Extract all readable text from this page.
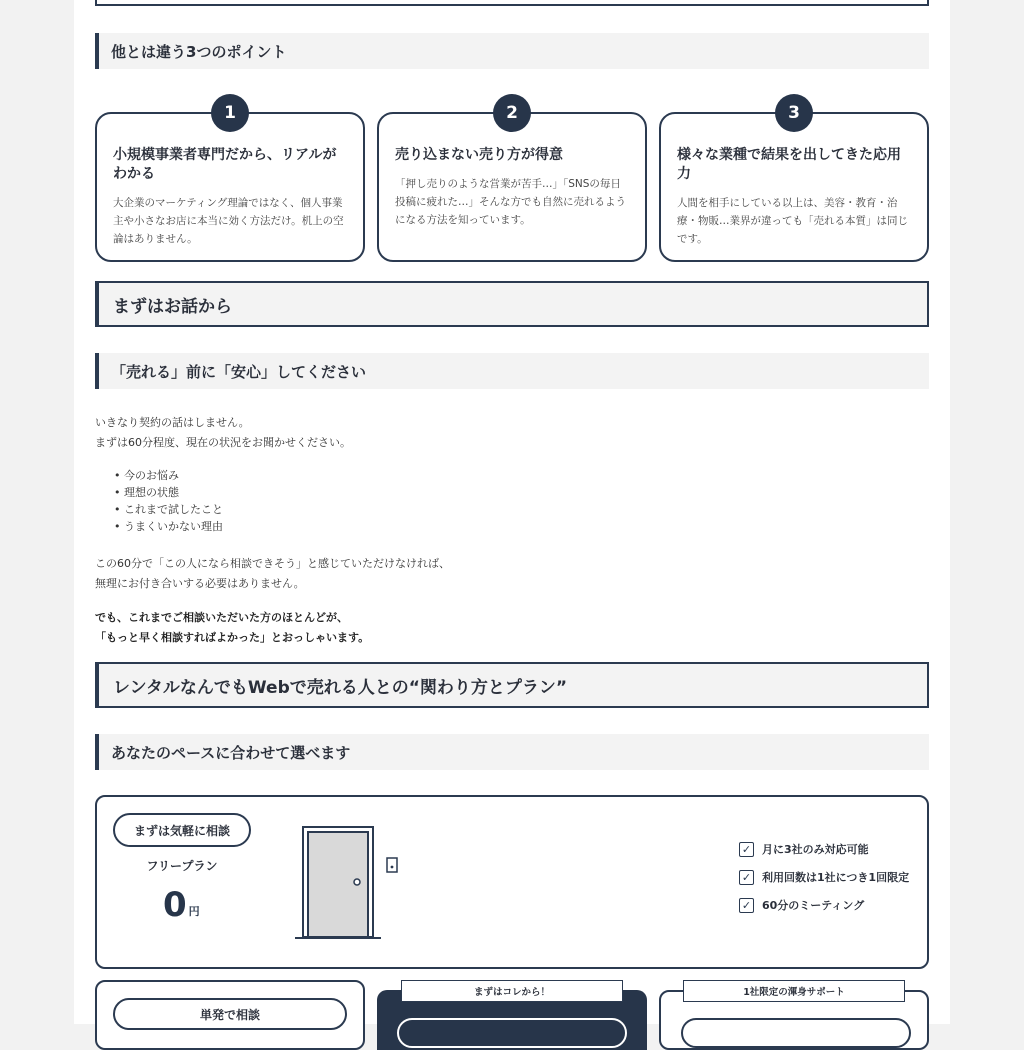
他とは違う3つのポイント
小規模事業者専門だから、リアルがわかる
大企業のマーケティング理論ではなく、個人事業主や小さなお店に本当に効く方法だけ。机上の空論はありません。
1
売り込まない売り方が得意
「押し売りのような営業が苦手…」「SNSの毎日投稿に疲れた…」そんな方でも自然に売れるようになる方法を知っています。
2
様々な業種で結果を出してきた応用力
人間を相手にしている以上は、美容・教育・治療・物販…業界が違っても「売れる本質」は同じです。
3
まずはお話から
「売れる」前に「安心」してください
いきなり契約の話はしません。
まずは60分程度、現在の状況をお聞かせください。
• 今のお悩み
• 理想の状態
• これまで試したこと
• うまくいかない理由
この60分で「この人になら相談できそう」と感じていただけなければ、
無理にお付き合いする必要はありません。
でも、これまでご相談いただいた方のほとんどが、
「もっと早く相談すればよかった」とおっしゃいます。
レンタルなんでもWebで売れる人との“関わり方とプラン”
あなたのペースに合わせて選べます
まずは気軽に相談
フリープラン
0 円
✓ 月に3社のみ対応可能
✓ 利用回数は1社につき1回限定
✓ 60分のミーティング
単発で相談
まずはコレから！	1社限定の渾身サポート
